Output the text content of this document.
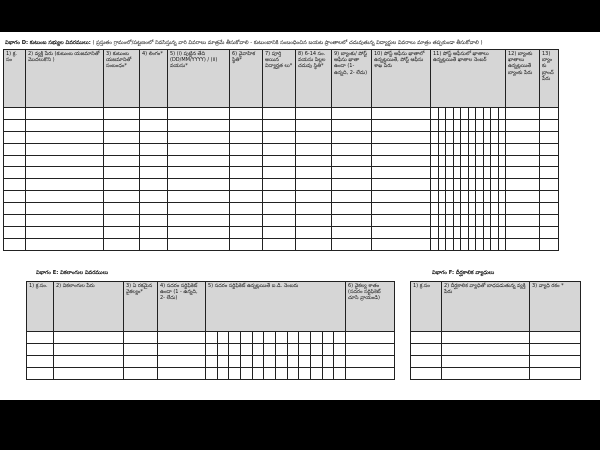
విభాగం D: కుటుంబ సభ్యుల వివరములు: ( ప్రస్తుతం గ్రామంలో/పట్టణంలో నివసిస్తున్న వారి వివరాలు మాత్రమే తీసుకోవాలి - కుటుంబానికి సంబంధించిన బయట ప్రాంతాలలో చదువుతున్న విద్యార్థుల వివరాలు మాత్రం తప్పకుండా తీసుకోవాలి )
1) క్ర. సం	2) వ్యక్తి పేరు (కుటుంబ యజమానితో మొదలుకొని )	3) కుటుంబ యజమానితో సంబంధం*	4) లింగం*	5) (i) పుట్టిన తేది (DD/MM/YYYY) / (ii) వయసు*	6) వైవాహిక స్థితి*	7) పూర్తి అయిన విద్యార్హత లు*	8) 6-14 సం. వయసు పిల్లల చదువు స్థితి*	9) బ్యాంకు/ పోస్ట్ ఆఫీసు ఖాతా ఉందా (1- ఉన్నది, 2- లేదు)	10) పోస్ట్ ఆఫీసు ఖాతాలో ఉన్నట్లయితే, పోస్ట్ ఆఫీసు శాఖ పేరు	11) పోస్ట్ ఆఫీసులో ఖాతాలు ఉన్నట్లయితే ఖాతాల నెంబర్	12) బ్యాంకు ఖాతాలు ఉన్నట్లయితే బ్యాంకు పేరు	13) బ్యాంకు బ్రాంచ్ పేరు

విభాగం E: వికలాంగుల వివరములు
1) క్ర.సం.	2) వికలాంగుల పేరు	3) ఏ రకమైన వైకల్యం*	4) సదరం సర్టిఫికెట్ ఉందా (1 - ఉన్నది, 2- లేదు)	5) సదరం సర్టిఫికెట్ ఉన్నట్లయితే ఐ.డి. నెంబరు	6) వైకల్య శాతం (సదరం సర్టిఫికెట్ చూసి వ్రాయండి)

విభాగం F: దీర్ఘకాలిక వ్యాధులు
1) క్ర.సం	2) దీర్ఘకాలిక వ్యాధితో బాధపడుతున్న వ్యక్తి పేరు	3) వ్యాధి రకం *
